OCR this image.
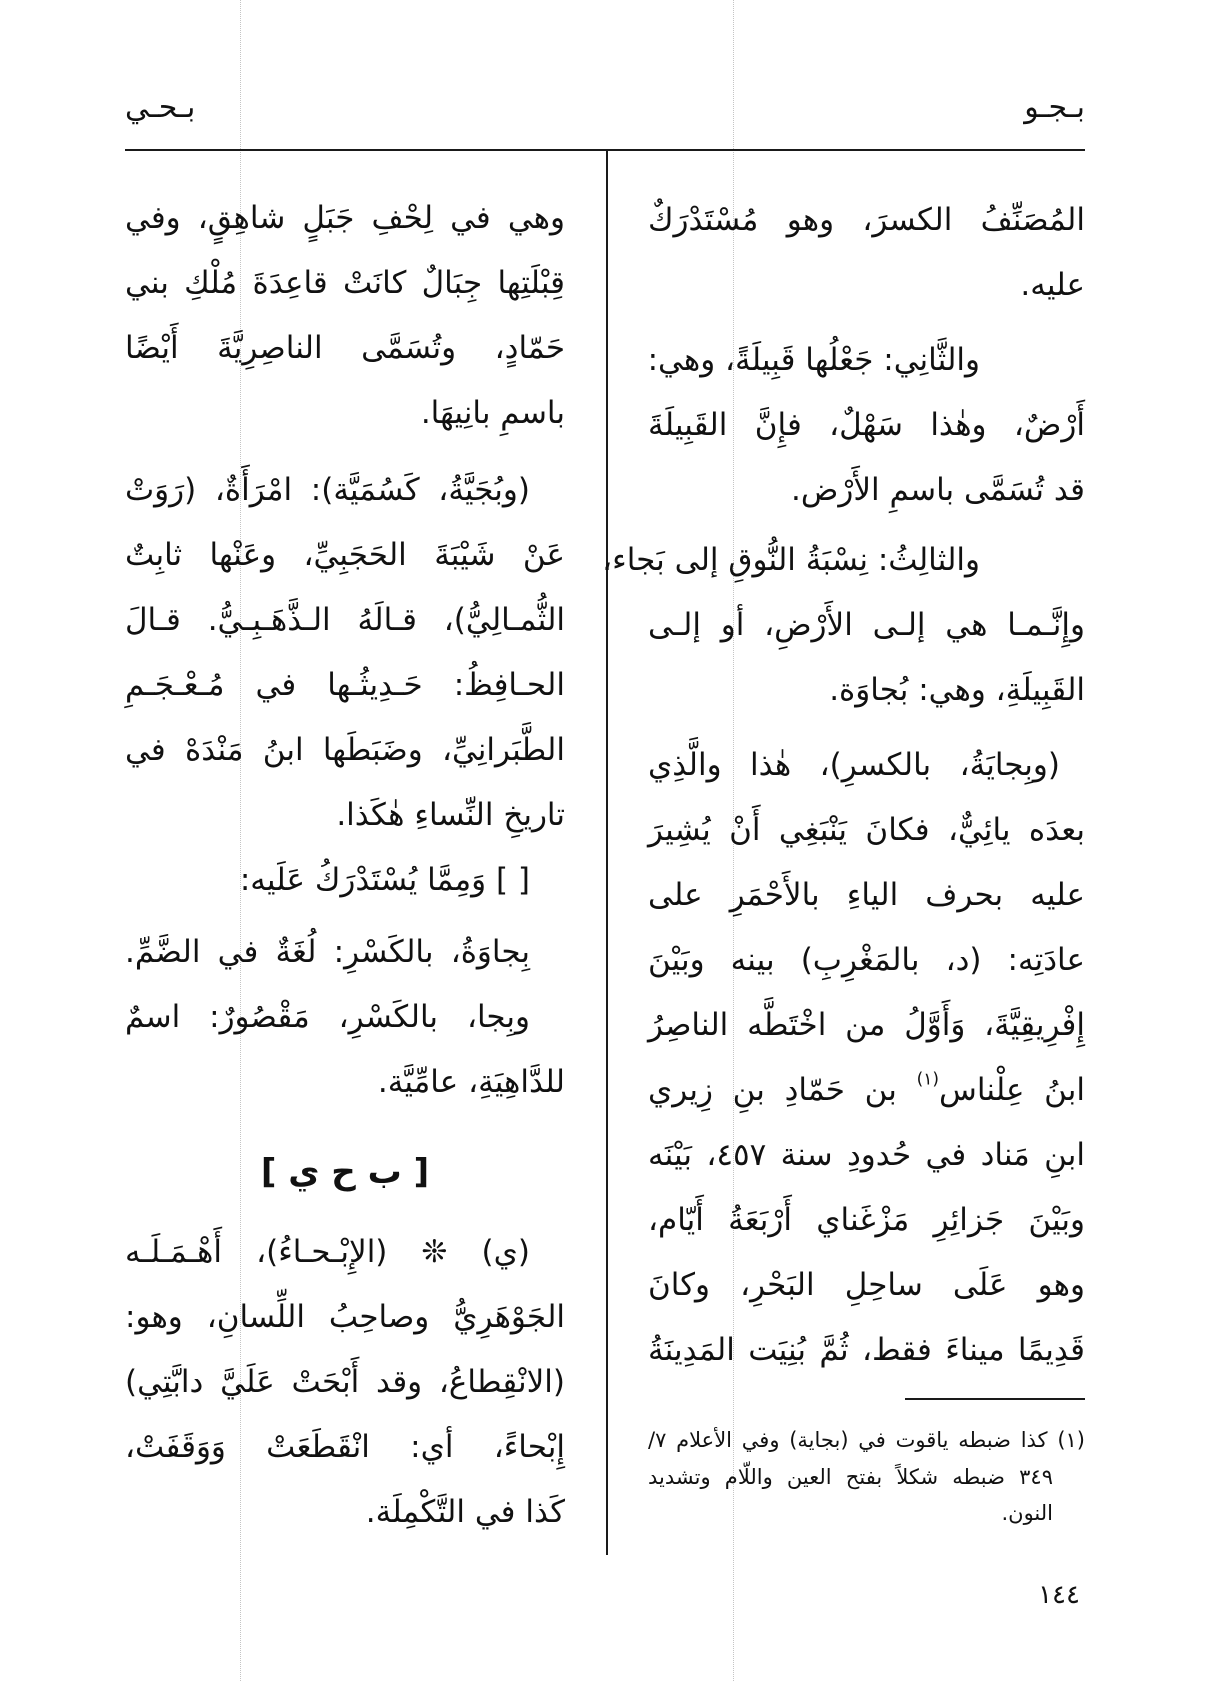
بـجـو
بـحـي
المُصَنِّفُ الكسرَ، وهو مُسْتَدْرَكٌ
عليه.
والثَّانِي: جَعْلُها قَبِيلَةً، وهي:
أَرْضٌ، وهٰذا سَهْلٌ، فإِنَّ القَبِيلَةَ
قد تُسَمَّى باسمِ الأَرْض.
والثالِثُ: نِسْبَةُ النُّوقِ إلى بَجاء،
وإِنَّـمـا هي إلـى الأَرْضِ، أو إلـى
القَبِيلَةِ، وهي: بُجاوَة.
(وبِجايَةُ، بالكسرِ)، هٰذا والَّذِي
بعدَه يائِيٌّ، فكانَ يَنْبَغِي أَنْ يُشِيرَ
عليه بحرف الياءِ بالأَحْمَرِ على
عادَتِه: (د، بالمَغْرِبِ) بينه وبَيْنَ
إِفْرِيقِيَّةَ، وَأَوَّلُ من اخْتَطَّه الناصِرُ
ابنُ عِلْناس$^{(١)}$ بن حَمّادِ بنِ زِيري
ابنِ مَناد في حُدودِ سنة ٤٥٧، بَيْنَه
وبَيْنَ جَزائِرِ مَزْغَناي أَرْبَعَةُ أَيّام،
وهو عَلَى ساحِلِ البَحْرِ، وكانَ
قَدِيمًا ميناءَ فقط، ثُمَّ بُنِيَت المَدِينَةُ
(١) كذا ضبطه ياقوت في (بجاية) وفي الأعلام ٧/
٣٤٩ ضبطه شكلاً بفتح العين واللّام وتشديد
النون.
وهي في لِحْفِ جَبَلٍ شاهِقٍ، وفي
قِبْلَتِها جِبَالٌ كانَتْ قاعِدَةَ مُلْكِ بني
حَمّادٍ، وتُسَمَّى الناصِرِيَّةَ أَيْضًا
باسمِ بانِيهَا.
(وبُجَيَّةُ، كَسُمَيَّة): امْرَأَةٌ، (رَوَتْ
عَنْ شَيْبَةَ الحَجَبِيِّ، وعَنْها ثابِتٌ
الثُّمـالِيُّ)، قـالَهُ الـذَّهَـبِـيُّ. قـالَ
الحـافِظُ: حَـدِيثُـها في مُـعْـجَـمِ
الطَّبَرانِيِّ، وضَبَطَها ابنُ مَنْدَهْ في
تاريخِ النِّساءِ هٰكَذا.
[ ] وَمِمَّا يُسْتَدْرَكُ عَلَيه:
بِجاوَةُ، بالكَسْرِ: لُغَةٌ في الضَّمِّ.
وبِجا، بالكَسْرِ، مَقْصُورٌ: اسمٌ
للدَّاهِيَةِ، عامِّيَّة.
[ ب ح ي ]
(ي) ❊ (الإِبْـحـاءُ)، أَهْـمَـلَـه
الجَوْهَرِيُّ وصاحِبُ اللِّسانِ، وهو:
(الانْقِطاعُ، وقد أَبْحَتْ عَلَيَّ دابَّتِي)
إِبْحاءً، أي: انْقَطَعَتْ وَوَقَفَتْ،
كَذا في التَّكْمِلَة.
١٤٤
